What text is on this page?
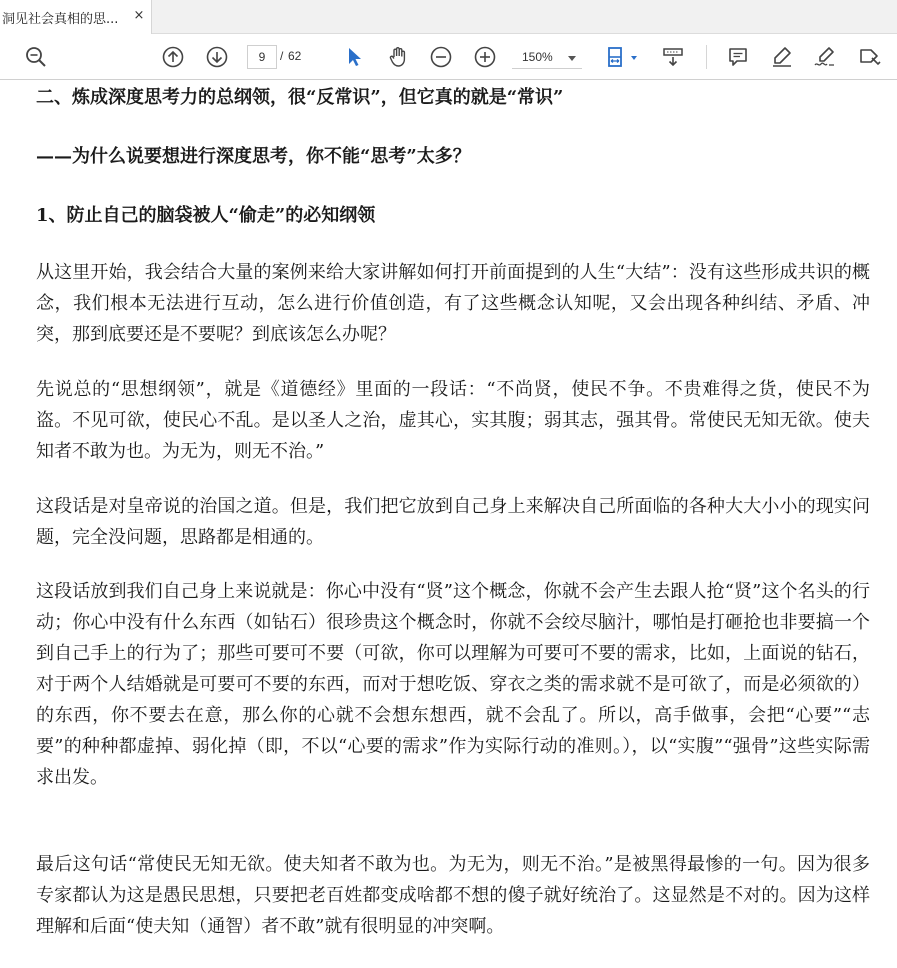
洞见社会真相的思... ×
9	/ 62	150%

二、炼成深度思考力的总纲领，很“反常识”，但它真的就是“常识”

——为什么说要想进行深度思考，你不能“思考”太多？

1、防止自己的脑袋被人“偷走”的必知纲领

从这里开始，我会结合大量的案例来给大家讲解如何打开前面提到的人生“大结”：没有这些形成共识的概念，我们根本无法进行互动，怎么进行价值创造，有了这些概念认知呢，又会出现各种纠结、矛盾、冲突，那到底要还是不要呢？到底该怎么办呢？

先说总的“思想纲领”，就是《道德经》里面的一段话：“不尚贤，使民不争。不贵难得之货，使民不为盗。不见可欲，使民心不乱。是以圣人之治，虚其心，实其腹；弱其志，强其骨。常使民无知无欲。使夫知者不敢为也。为无为，则无不治。”

这段话是对皇帝说的治国之道。但是，我们把它放到自己身上来解决自己所面临的各种大大小小的现实问题，完全没问题，思路都是相通的。

这段话放到我们自己身上来说就是：你心中没有“贤”这个概念，你就不会产生去跟人抢“贤”这个名头的行动；你心中没有什么东西（如钻石）很珍贵这个概念时，你就不会绞尽脑汁，哪怕是打砸抢也非要搞一个到自己手上的行为了；那些可要可不要（可欲，你可以理解为可要可不要的需求，比如，上面说的钻石，对于两个人结婚就是可要可不要的东西，而对于想吃饭、穿衣之类的需求就不是可欲了，而是必须欲的）的东西，你不要去在意，那么你的心就不会想东想西，就不会乱了。所以，高手做事，会把“心要”“志要”的种种都虚掉、弱化掉（即，不以“心要的需求”作为实际行动的准则。），以“实腹”“强骨”这些实际需求出发。

最后这句话“常使民无知无欲。使夫知者不敢为也。为无为，则无不治。”是被黑得最惨的一句。因为很多专家都认为这是愚民思想，只要把老百姓都变成啥都不想的傻子就好统治了。这显然是不对的。因为这样理解和后面“使夫知（通智）者不敢”就有很明显的冲突啊。
